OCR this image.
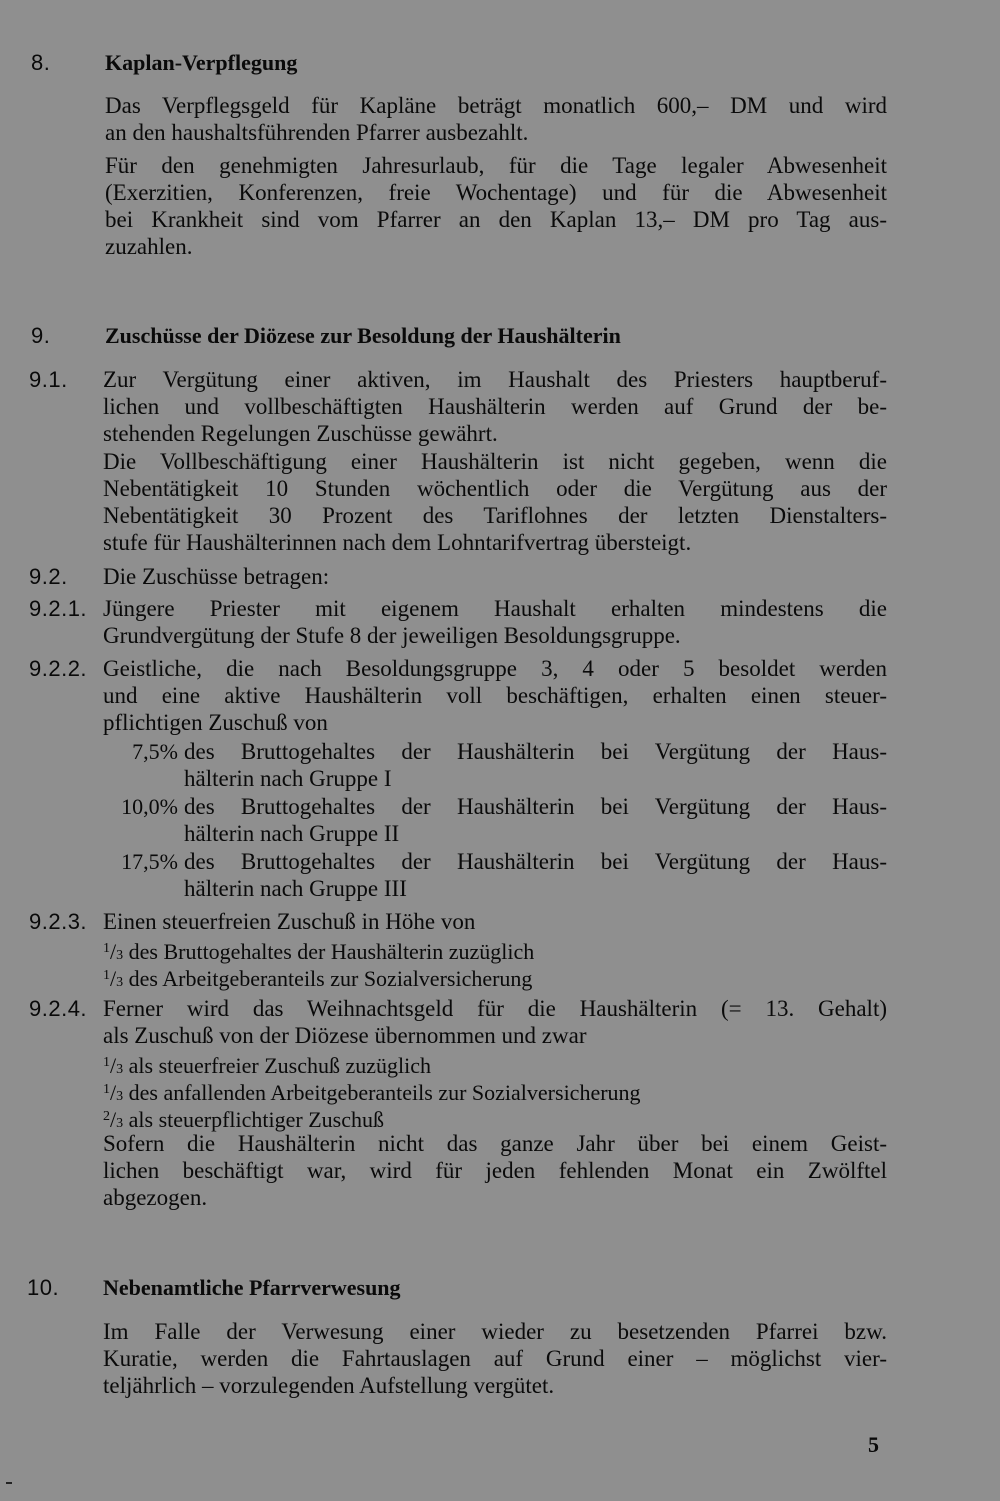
8. Kaplan-Verpflegung
Das Verpflegsgeld für Kapläne beträgt monatlich 600,– DM und wird
an den haushaltsführenden Pfarrer ausbezahlt.
Für den genehmigten Jahresurlaub, für die Tage legaler Abwesenheit
(Exerzitien, Konferenzen, freie Wochentage) und für die Abwesenheit
bei Krankheit sind vom Pfarrer an den Kaplan 13,– DM pro Tag aus-
zuzahlen.
9. Zuschüsse der Diözese zur Besoldung der Haushälterin
9.1. Zur Vergütung einer aktiven, im Haushalt des Priesters hauptberuf-
lichen und vollbeschäftigten Haushälterin werden auf Grund der be-
stehenden Regelungen Zuschüsse gewährt.
Die Vollbeschäftigung einer Haushälterin ist nicht gegeben, wenn die
Nebentätigkeit 10 Stunden wöchentlich oder die Vergütung aus der
Nebentätigkeit 30 Prozent des Tariflohnes der letzten Dienstalters-
stufe für Haushälterinnen nach dem Lohntarifvertrag übersteigt.
9.2. Die Zuschüsse betragen:
9.2.1. Jüngere Priester mit eigenem Haushalt erhalten mindestens die
Grundvergütung der Stufe 8 der jeweiligen Besoldungsgruppe.
9.2.2. Geistliche, die nach Besoldungsgruppe 3, 4 oder 5 besoldet werden
und eine aktive Haushälterin voll beschäftigen, erhalten einen steuer-
pflichtigen Zuschuß von
7,5% des Bruttogehaltes der Haushälterin bei Vergütung der Haus-
hälterin nach Gruppe I
10,0% des Bruttogehaltes der Haushälterin bei Vergütung der Haus-
hälterin nach Gruppe II
17,5% des Bruttogehaltes der Haushälterin bei Vergütung der Haus-
hälterin nach Gruppe III
9.2.3. Einen steuerfreien Zuschuß in Höhe von
$^1$/3 des Bruttogehaltes der Haushälterin zuzüglich
$^1$/3 des Arbeitgeberanteils zur Sozialversicherung
9.2.4. Ferner wird das Weihnachtsgeld für die Haushälterin (= 13. Gehalt)
als Zuschuß von der Diözese übernommen und zwar
$^1$/3 als steuerfreier Zuschuß zuzüglich
$^1$/3 des anfallenden Arbeitgeberanteils zur Sozialversicherung
$^2$/3 als steuerpflichtiger Zuschuß
Sofern die Haushälterin nicht das ganze Jahr über bei einem Geist-
lichen beschäftigt war, wird für jeden fehlenden Monat ein Zwölftel
abgezogen.
10. Nebenamtliche Pfarrverwesung
Im Falle der Verwesung einer wieder zu besetzenden Pfarrei bzw.
Kuratie, werden die Fahrtauslagen auf Grund einer – möglichst vier-
teljährlich – vorzulegenden Aufstellung vergütet.
5
